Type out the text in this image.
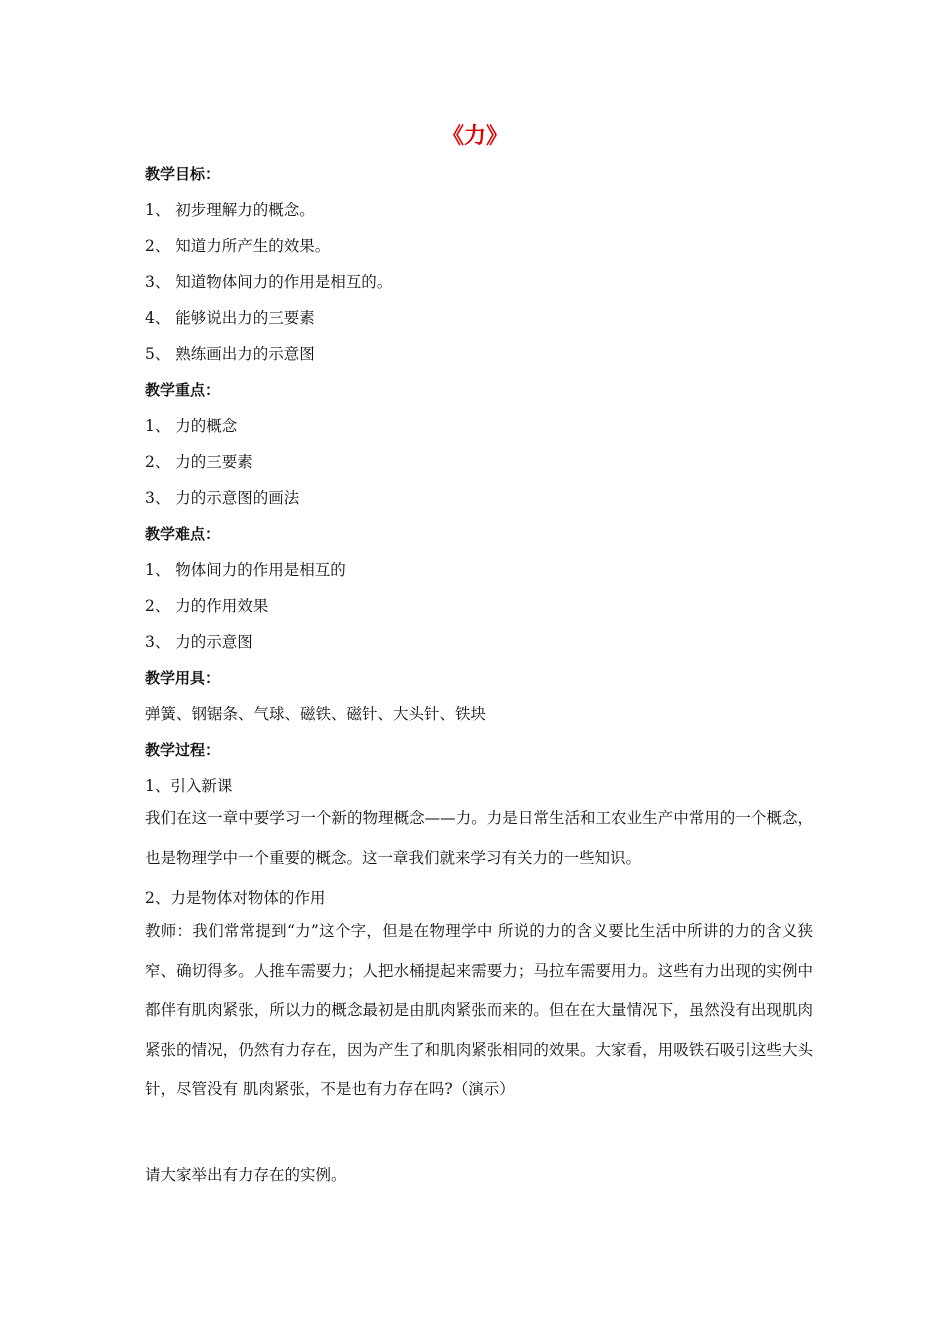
《力》
教学目标：
1、 初步理解力的概念。
2、 知道力所产生的效果。
3、 知道物体间力的作用是相互的。
4、 能够说出力的三要素
5、 熟练画出力的示意图
教学重点：
1、 力的概念
2、 力的三要素
3、 力的示意图的画法
教学难点：
1、 物体间力的作用是相互的
2、 力的作用效果
3、 力的示意图
教学用具：
弹簧、钢锯条、气球、磁铁、磁针、大头针、铁块
教学过程：
1、引入新课
我们在这一章中要学习一个新的物理概念——力。力是日常生活和工农业生产中常用的一个概念，也是物理学中一个重要的概念。这一章我们就来学习有关力的一些知识。
2、力是物体对物体的作用
教师：我们常常提到“力”这个字，但是在物理学中 所说的力的含义要比生活中所讲的力的含义狭窄、确切得多。人推车需要力；人把水桶提起来需要力；马拉车需要用力。这些有力出现的实例中都伴有肌肉紧张，所以力的概念最初是由肌肉紧张而来的。但在在大量情况下，虽然没有出现肌肉紧张的情况，仍然有力存在，因为产生了和肌肉紧张相同的效果。大家看，用吸铁石吸引这些大头针，尽管没有 肌肉紧张，不是也有力存在吗?（演示）
请大家举出有力存在的实例。
